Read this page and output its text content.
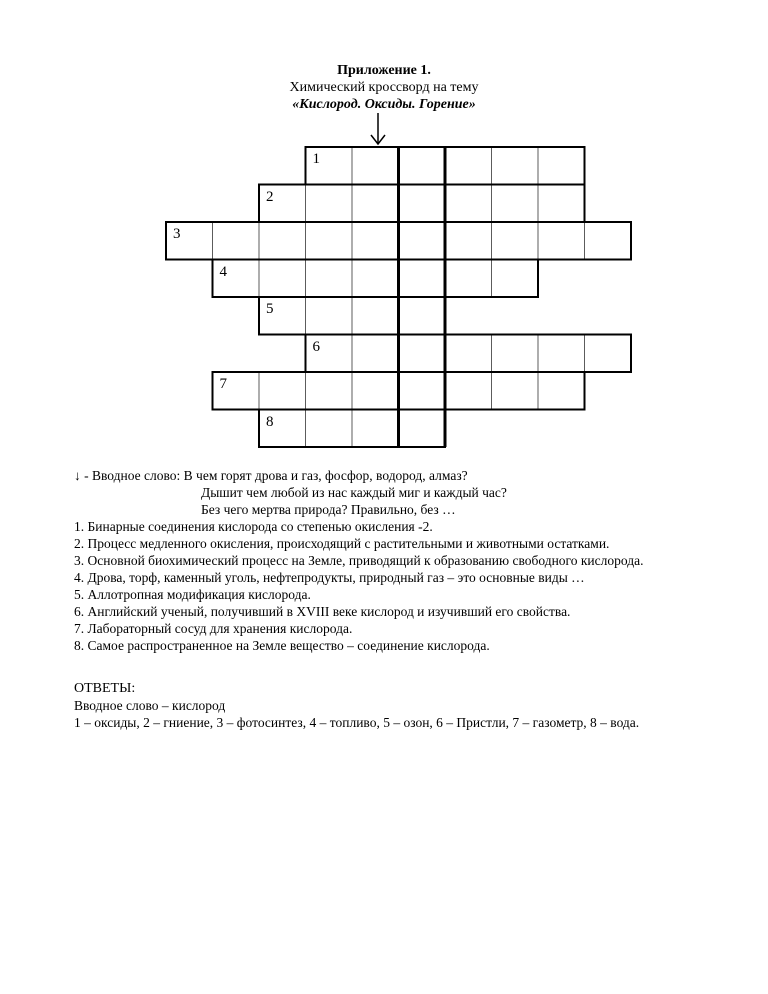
Приложение 1.
Химический кроссворд на тему
«Кислород. Оксиды. Горение»
1
2
3
4
5
6
7
8
↓ - Вводное слово: В чем горят дрова и газ, фосфор, водород, алмаз?
Дышит чем любой из нас каждый миг и каждый час?
Без чего мертва природа? Правильно, без …
1. Бинарные соединения кислорода со степенью окисления -2.
2. Процесс медленного окисления, происходящий с растительными и животными остатками.
3. Основной биохимический процесс на Земле, приводящий к образованию свободного кислорода.
4. Дрова, торф, каменный уголь, нефтепродукты, природный газ – это основные виды …
5. Аллотропная модификация кислорода.
6. Английский ученый, получивший в XVIII веке кислород и изучивший его свойства.
7. Лабораторный сосуд для хранения кислорода.
8. Самое распространенное на Земле вещество – соединение кислорода.
ОТВЕТЫ:
Вводное слово – кислород
1 – оксиды, 2 – гниение, 3 – фотосинтез, 4 – топливо, 5 – озон, 6 – Пристли, 7 – газометр, 8 – вода.
